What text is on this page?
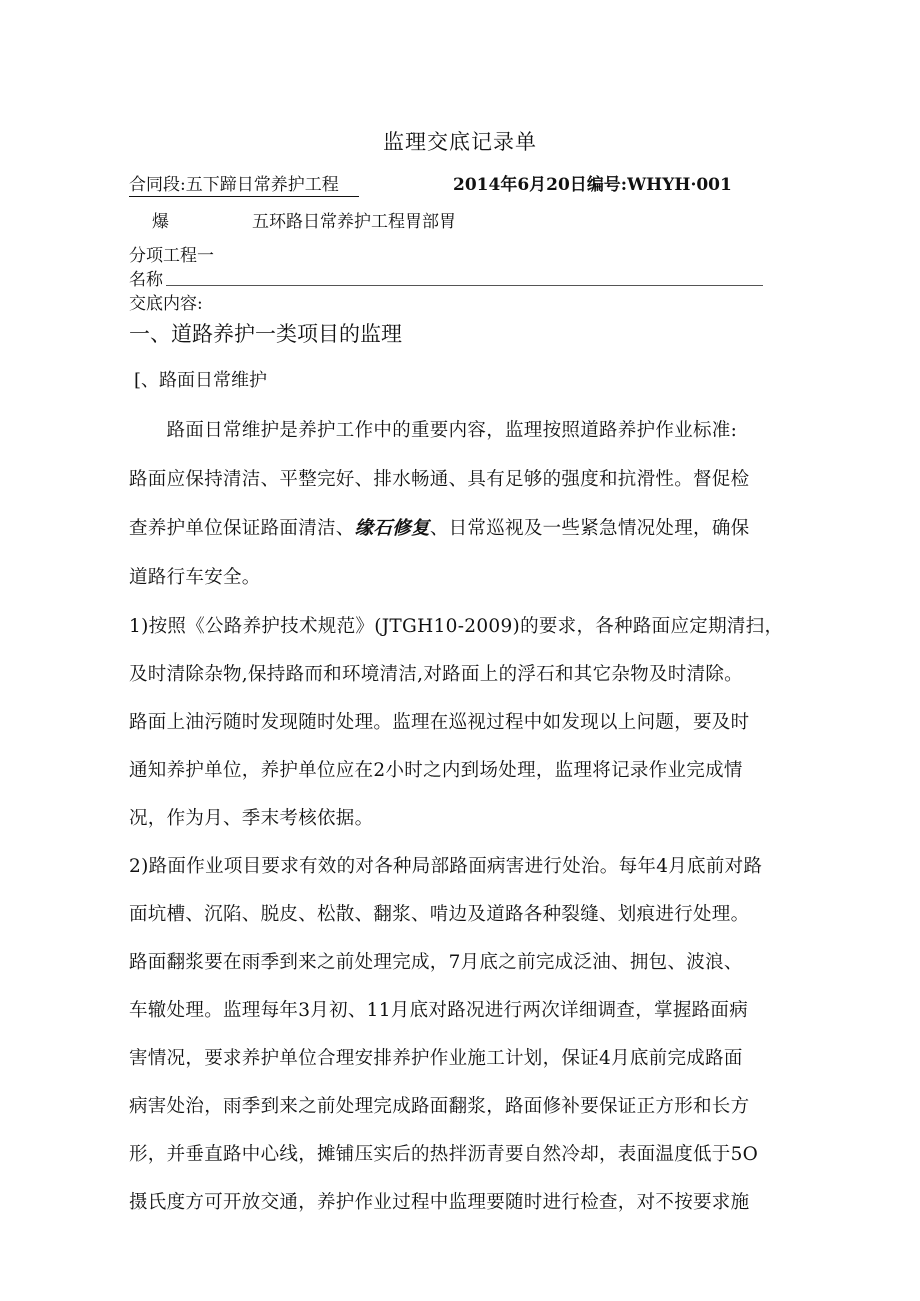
监理交底记录单
合同段:五下蹄日常养护工程	2014年6月20日编号:WHYH·001
爆	五环路日常养护工程胃部胃
分项工程一
名称
交底内容:
一、道路养护一类项目的监理
[、路面日常维护
　　路面日常维护是养护工作中的重要内容，监理按照道路养护作业标准:
路面应保持清洁、平整完好、排水畅通、具有足够的强度和抗滑性。督促检
查养护单位保证路面清洁、缘石修复、日常巡视及一些紧急情况处理，确保
道路行车安全。
1)按照《公路养护技术规范》(JTGH10-2009)的要求，各种路面应定期清扫，
及时清除杂物,保持路而和环境清洁,对路面上的浮石和其它杂物及时清除。
路面上油污随时发现随时处理。监理在巡视过程中如发现以上问题，要及时
通知养护单位，养护单位应在2小时之内到场处理，监理将记录作业完成情
况，作为月、季末考核依据。
2)路面作业项目要求有效的对各种局部路面病害进行处治。每年4月底前对路
面坑槽、沉陷、脱皮、松散、翻浆、啃边及道路各种裂缝、划痕进行处理。
路面翻浆要在雨季到来之前处理完成，7月底之前完成泛油、拥包、波浪、
车辙处理。监理每年3月初、11月底对路况进行两次详细调查，掌握路面病
害情况，要求养护单位合理安排养护作业施工计划，保证4月底前完成路面
病害处治，雨季到来之前处理完成路面翻浆，路面修补要保证正方形和长方
形，并垂直路中心线，摊铺压实后的热拌沥青要自然冷却，表面温度低于5O
摄氏度方可开放交通，养护作业过程中监理要随时进行检查，对不按要求施
